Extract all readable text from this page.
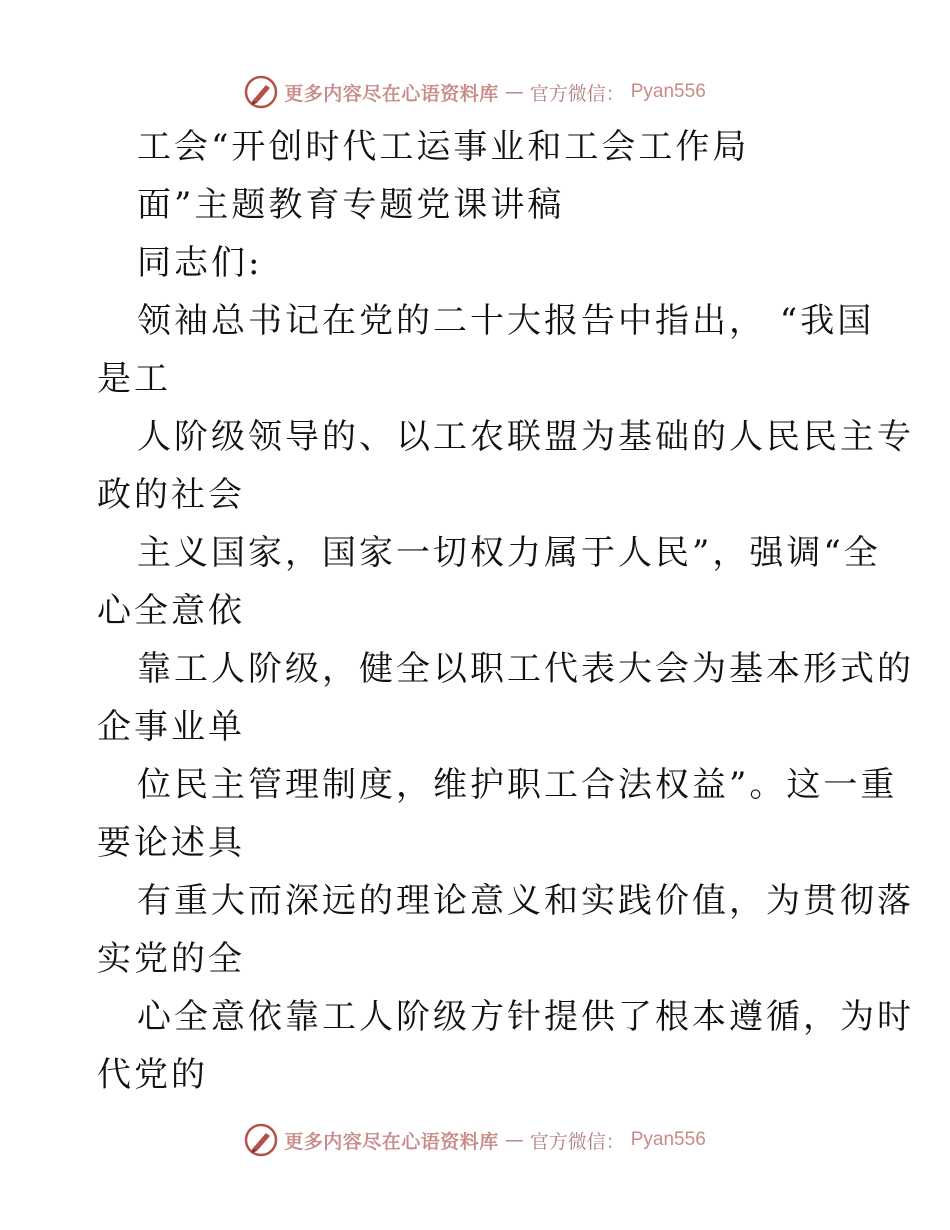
更多内容尽在心语资料库 — 官方微信： Pyan556
工会“开创时代工运事业和工会工作局
面”主题教育专题党课讲稿
同志们:
领袖总书记在党的二十大报告中指出， “我国
是工
人阶级领导的、以工农联盟为基础的人民民主专
政的社会
主义国家，国家一切权力属于人民”，强调“全
心全意依
靠工人阶级，健全以职工代表大会为基本形式的
企事业单
位民主管理制度，维护职工合法权益”。这一重
要论述具
有重大而深远的理论意义和实践价值，为贯彻落
实党的全
心全意依靠工人阶级方针提供了根本遵循，为时
代党的
更多内容尽在心语资料库 — 官方微信： Pyan556
